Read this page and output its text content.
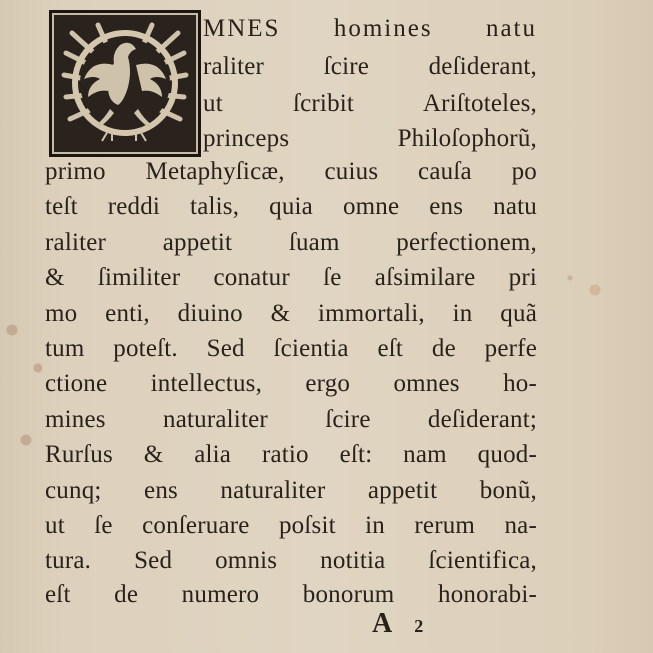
MNES homines natu
raliter ſcire deſiderant,
ut ſcribit Ariſtoteles,
princeps Philoſophorũ,
primo Metaphyſicæ, cuius cauſa po
teſt reddi talis, quia omne ens natu
raliter appetit ſuam perfectionem,
& ſimiliter conatur ſe aſsimilare pri
mo enti, diuino & immortali, in quã
tum poteſt. Sed ſcientia eſt de perfe
ctione intellectus, ergo omnes ho-
mines naturaliter ſcire deſiderant;
Rurſus & alia ratio eſt: nam quod-
cunq; ens naturaliter appetit bonũ,
ut ſe conſeruare poſsit in rerum na-
tura. Sed omnis notitia ſcientifica,
eſt de numero bonorum honorabi-
A 2
